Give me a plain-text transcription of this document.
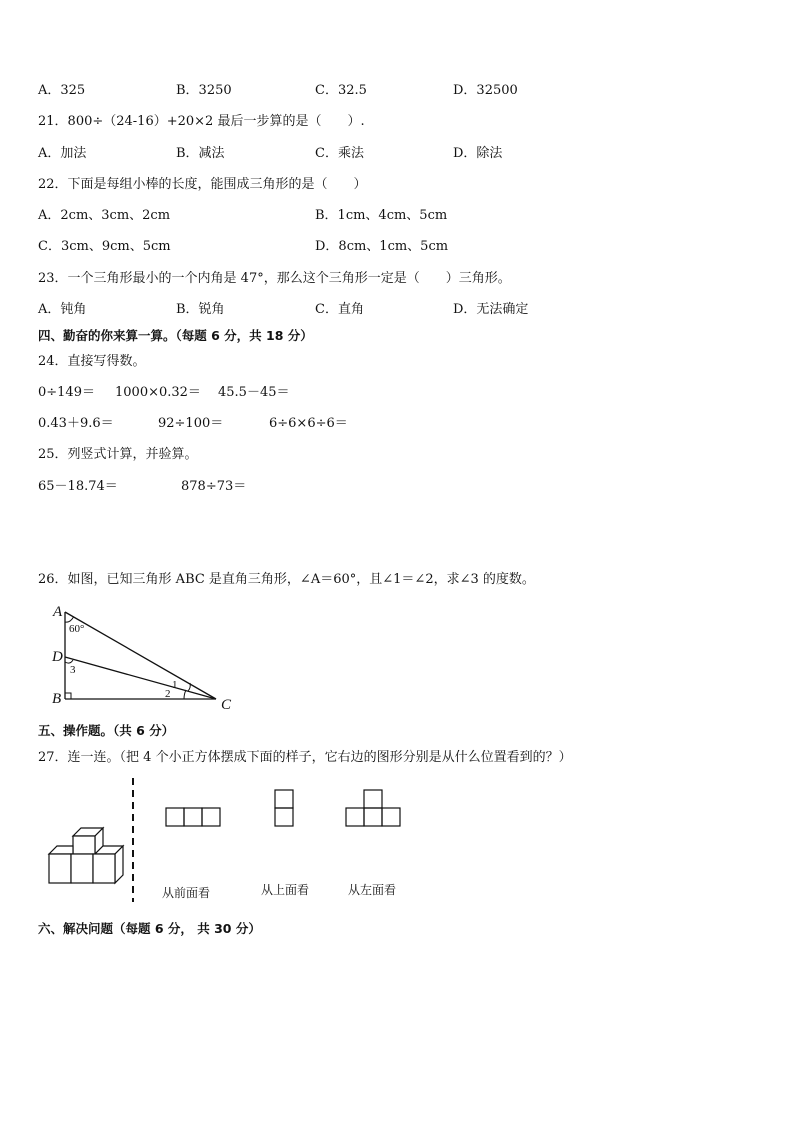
A．325	B．3250	C．32.5	D．32500
21．800÷（24-16）+20×2 最后一步算的是（　　）.
A．加法	B．减法	C．乘法	D．除法
22．下面是每组小棒的长度，能围成三角形的是（　　）
A．2cm、3cm、2cm	B．1cm、4cm、5cm
C．3cm、9cm、5cm	D．8cm、1cm、5cm
23．一个三角形最小的一个内角是 47°，那么这个三角形一定是（　　）三角形。
A．钝角	B．锐角	C．直角	D．无法确定
四、勤奋的你来算一算。（每题 6 分，共 18 分）
24．直接写得数。
0÷149＝ 1000×0.32＝ 45.5－45＝
0.43＋9.6＝	92÷100＝	6÷6×6÷6＝
25．列竖式计算，并验算。
65－18.74＝	878÷73＝
26．如图，已知三角形 ABC 是直角三角形，∠A＝60°，且∠1＝∠2，求∠3 的度数。
A
D
B	C
60°
3
1
2
五、操作题。（共 6 分）
27．连一连。（把 4 个小正方体摆成下面的样子，它右边的图形分别是从什么位置看到的？）
从前面看	从上面看	从左面看
六、解决问题（每题 6 分， 共 30 分）
